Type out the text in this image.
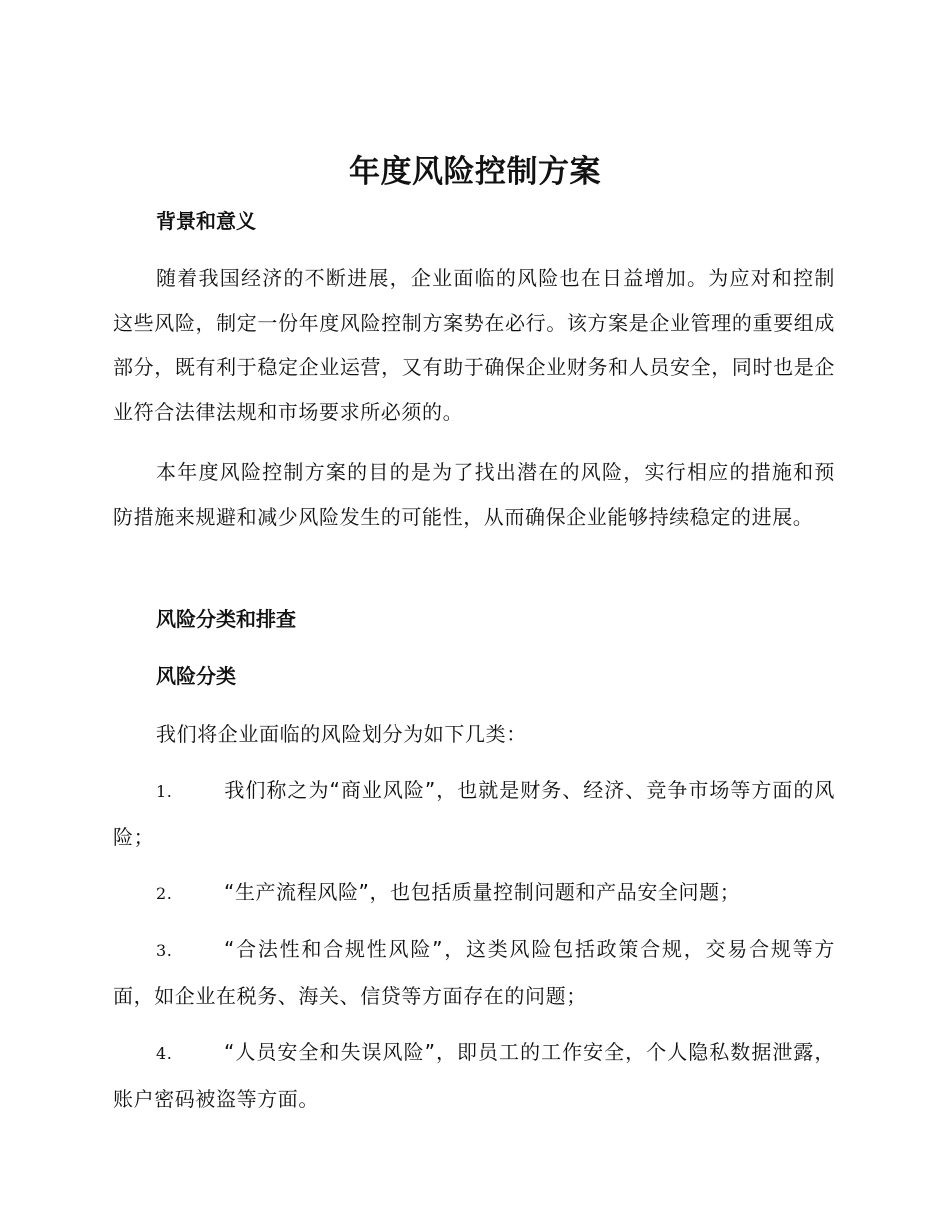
年度风险控制方案
背景和意义

随着我国经济的不断进展，企业面临的风险也在日益增加。为应对和控制这些风险，制定一份年度风险控制方案势在必行。该方案是企业管理的重要组成部分，既有利于稳定企业运营，又有助于确保企业财务和人员安全，同时也是企业符合法律法规和市场要求所必须的。

本年度风险控制方案的目的是为了找出潜在的风险，实行相应的措施和预防措施来规避和减少风险发生的可能性，从而确保企业能够持续稳定的进展。

风险分类和排查
风险分类

我们将企业面临的风险划分为如下几类：

1.	我们称之为“商业风险”，也就是财务、经济、竞争市场等方面的风险；

2.	“生产流程风险”，也包括质量控制问题和产品安全问题；

3.	“合法性和合规性风险”，这类风险包括政策合规，交易合规等方面，如企业在税务、海关、信贷等方面存在的问题；

4.	“人员安全和失误风险”，即员工的工作安全，个人隐私数据泄露，账户密码被盗等方面。
